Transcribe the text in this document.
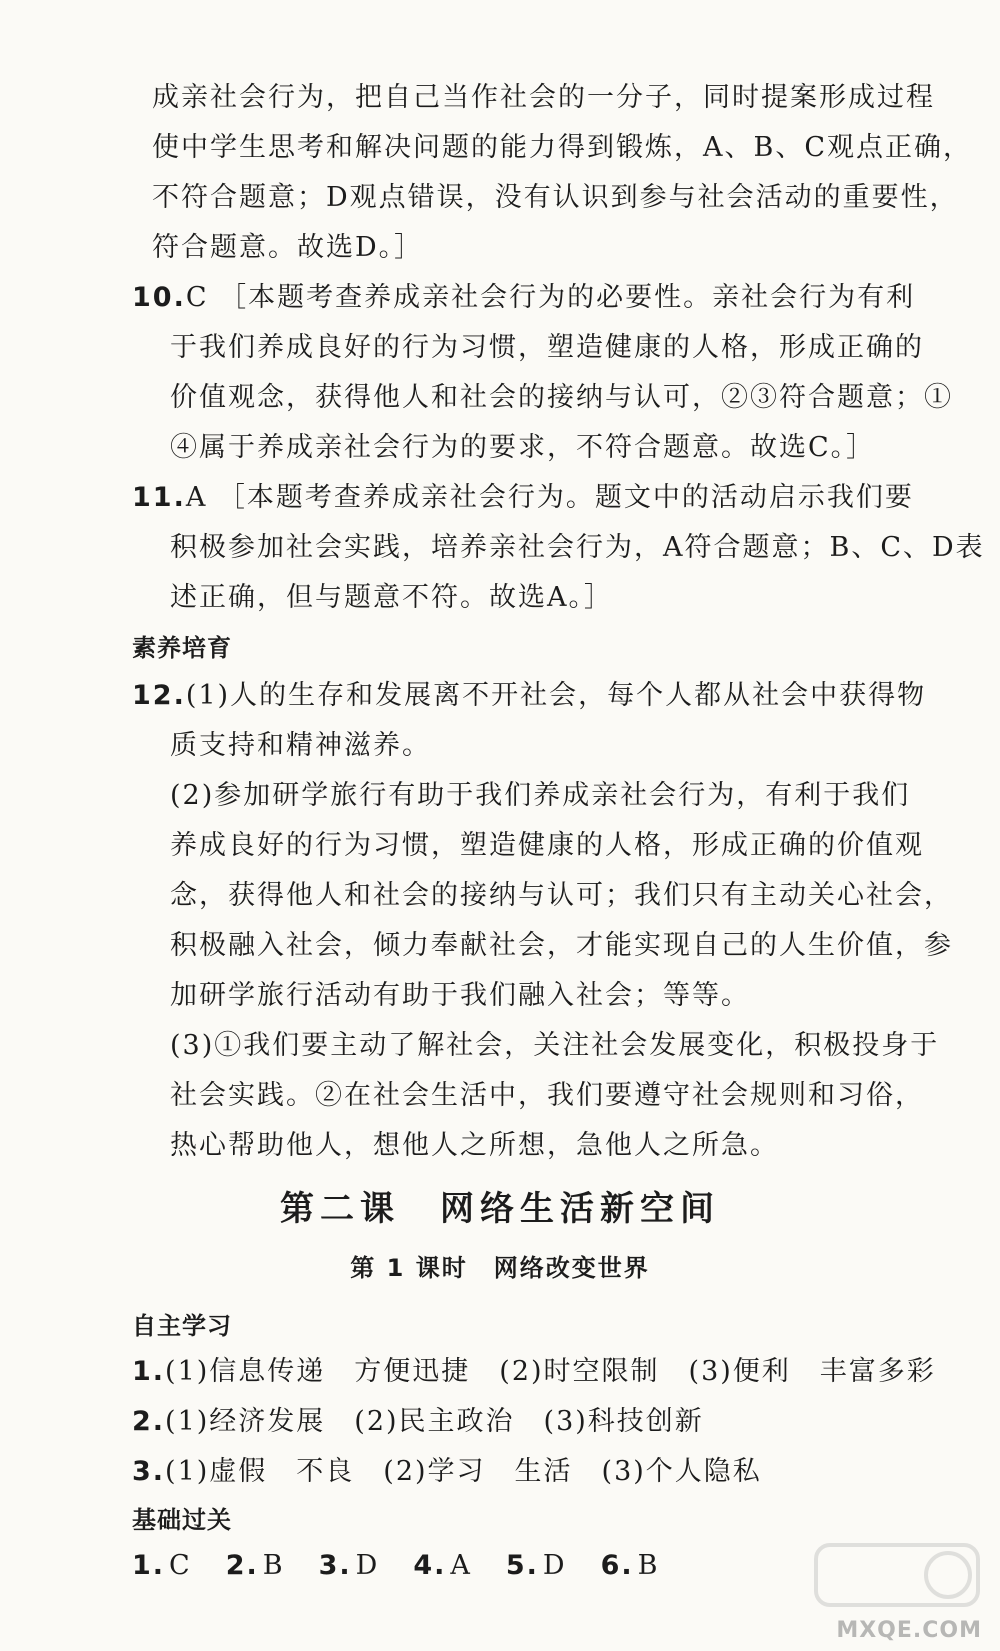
成亲社会行为，把自己当作社会的一分子，同时提案形成过程
使中学生思考和解决问题的能力得到锻炼，A、B、C观点正确，
不符合题意；D观点错误，没有认识到参与社会活动的重要性，
符合题意。故选D。］
10.C ［本题考查养成亲社会行为的必要性。亲社会行为有利
于我们养成良好的行为习惯，塑造健康的人格，形成正确的
价值观念，获得他人和社会的接纳与认可，②③符合题意；①
④属于养成亲社会行为的要求，不符合题意。故选C。］
11.A ［本题考查养成亲社会行为。题文中的活动启示我们要
积极参加社会实践，培养亲社会行为，A符合题意；B、C、D表
述正确，但与题意不符。故选A。］
素养培育
12.(1)人的生存和发展离不开社会，每个人都从社会中获得物
质支持和精神滋养。
(2)参加研学旅行有助于我们养成亲社会行为，有利于我们
养成良好的行为习惯，塑造健康的人格，形成正确的价值观
念，获得他人和社会的接纳与认可；我们只有主动关心社会，
积极融入社会，倾力奉献社会，才能实现自己的人生价值，参
加研学旅行活动有助于我们融入社会；等等。
(3)①我们要主动了解社会，关注社会发展变化，积极投身于
社会实践。②在社会生活中，我们要遵守社会规则和习俗，
热心帮助他人，想他人之所想，急他人之所急。
第二课　网络生活新空间
第 1 课时　网络改变世界
自主学习
1.(1)信息传递　方便迅捷　(2)时空限制　(3)便利　丰富多彩
2.(1)经济发展　(2)民主政治　(3)科技创新
3.(1)虚假　不良　(2)学习　生活　(3)个人隐私
基础过关
1. C 2. B 3. D 4. A 5. D 6. B
MXQE.COM
